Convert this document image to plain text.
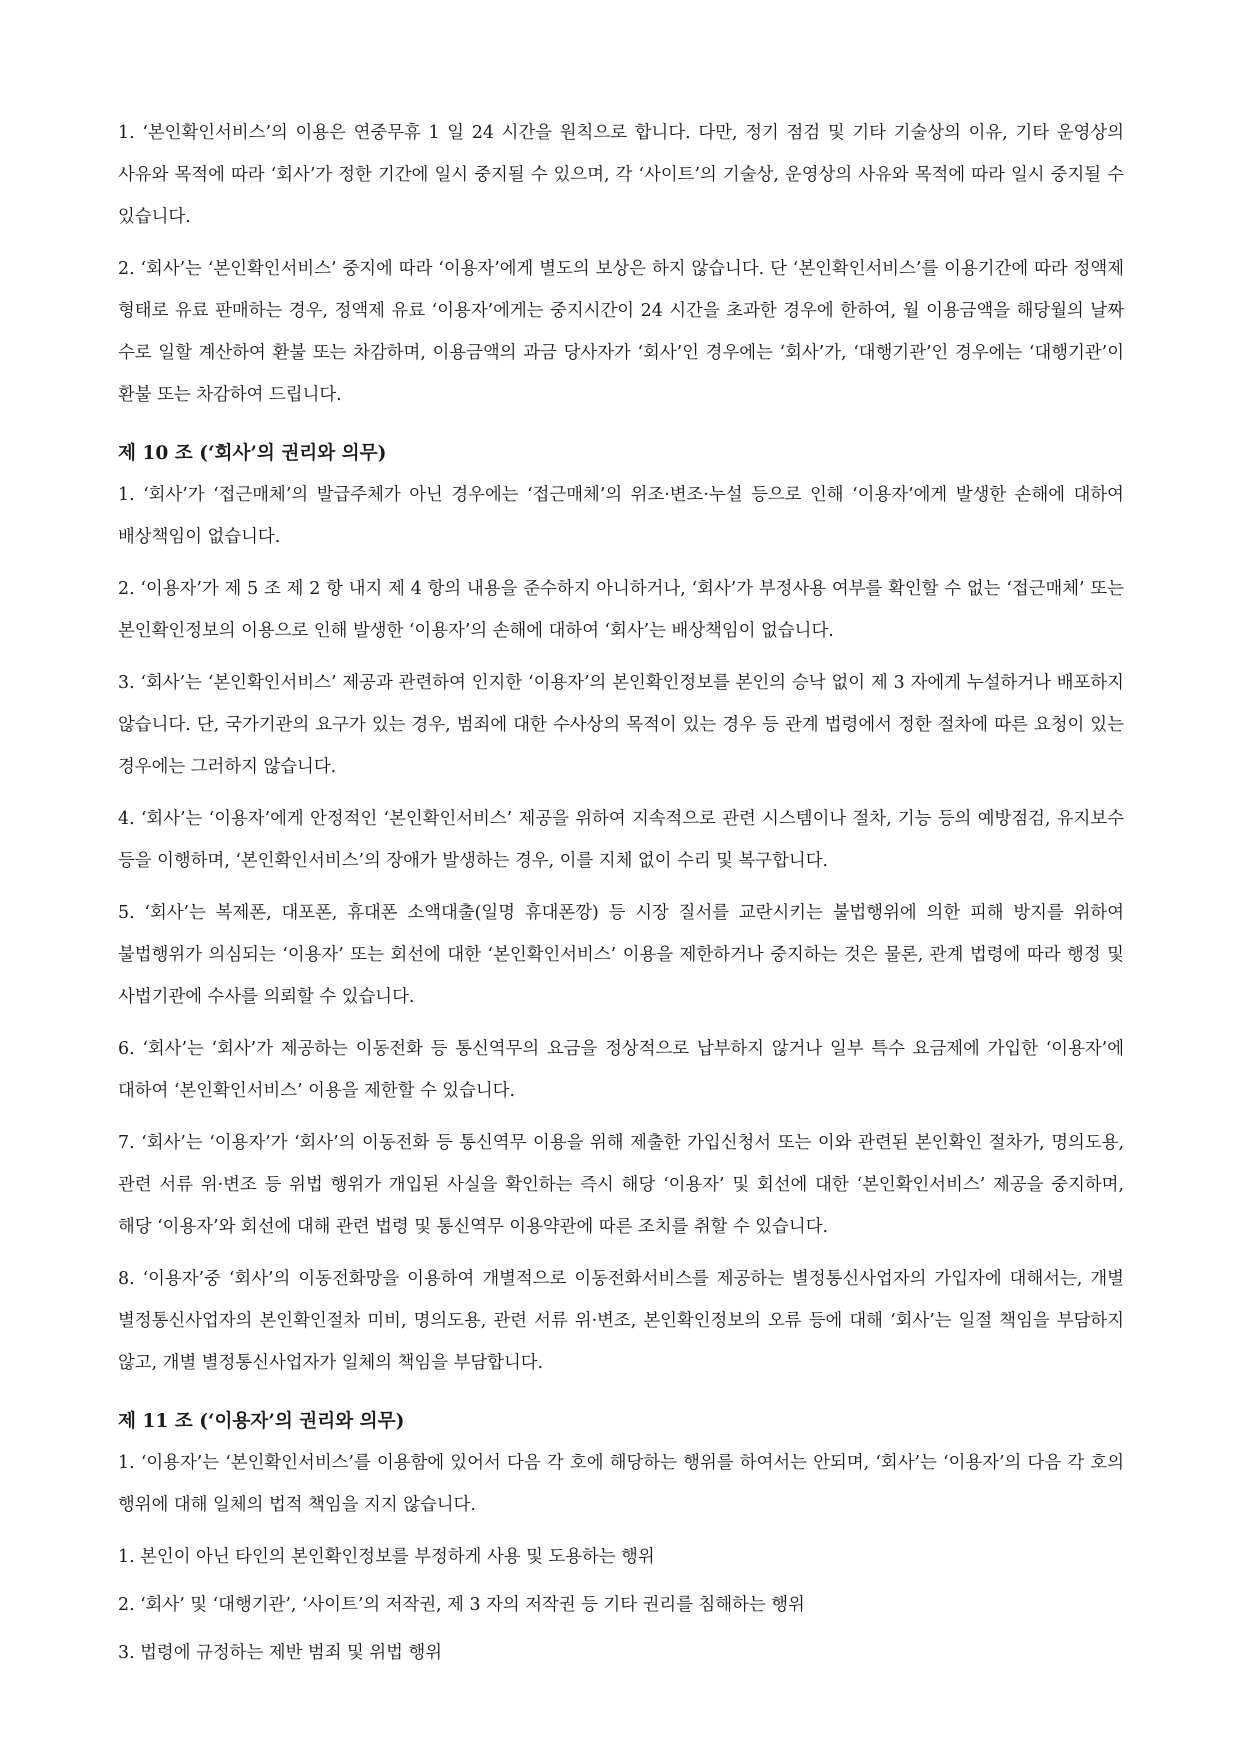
1. ‘본인확인서비스’의 이용은 연중무휴 1 일 24 시간을 원칙으로 합니다. 다만, 정기 점검 및 기타 기술상의 이유, 기타 운영상의 사유와 목적에 따라 ‘회사’가 정한 기간에 일시 중지될 수 있으며, 각 ‘사이트’의 기술상, 운영상의 사유와 목적에 따라 일시 중지될 수 있습니다.

2. ‘회사’는 ‘본인확인서비스’ 중지에 따라 ‘이용자’에게 별도의 보상은 하지 않습니다. 단 ‘본인확인서비스’를 이용기간에 따라 정액제 형태로 유료 판매하는 경우, 정액제 유료 ‘이용자’에게는 중지시간이 24 시간을 초과한 경우에 한하여, 월 이용금액을 해당월의 날짜 수로 일할 계산하여 환불 또는 차감하며, 이용금액의 과금 당사자가 ‘회사’인 경우에는 ‘회사’가, ‘대행기관’인 경우에는 ‘대행기관’이 환불 또는 차감하여 드립니다.

제 10 조 (‘회사’의 권리와 의무)

1. ‘회사’가 ‘접근매체’의 발급주체가 아닌 경우에는 ‘접근매체’의 위조·변조·누설 등으로 인해 ‘이용자’에게 발생한 손해에 대하여 배상책임이 없습니다.

2. ‘이용자’가 제 5 조 제 2 항 내지 제 4 항의 내용을 준수하지 아니하거나, ‘회사’가 부정사용 여부를 확인할 수 없는 ‘접근매체’ 또는 본인확인정보의 이용으로 인해 발생한 ‘이용자’의 손해에 대하여 ‘회사’는 배상책임이 없습니다.

3. ‘회사’는 ‘본인확인서비스’ 제공과 관련하여 인지한 ‘이용자’의 본인확인정보를 본인의 승낙 없이 제 3 자에게 누설하거나 배포하지 않습니다. 단, 국가기관의 요구가 있는 경우, 범죄에 대한 수사상의 목적이 있는 경우 등 관계 법령에서 정한 절차에 따른 요청이 있는 경우에는 그러하지 않습니다.

4. ‘회사’는 ‘이용자’에게 안정적인 ‘본인확인서비스’ 제공을 위하여 지속적으로 관련 시스템이나 절차, 기능 등의 예방점검, 유지보수 등을 이행하며, ‘본인확인서비스’의 장애가 발생하는 경우, 이를 지체 없이 수리 및 복구합니다.

5. ‘회사’는 복제폰, 대포폰, 휴대폰 소액대출(일명 휴대폰깡) 등 시장 질서를 교란시키는 불법행위에 의한 피해 방지를 위하여 불법행위가 의심되는 ‘이용자’ 또는 회선에 대한 ‘본인확인서비스’ 이용을 제한하거나 중지하는 것은 물론, 관계 법령에 따라 행정 및 사법기관에 수사를 의뢰할 수 있습니다.

6. ‘회사’는 ‘회사’가 제공하는 이동전화 등 통신역무의 요금을 정상적으로 납부하지 않거나 일부 특수 요금제에 가입한 ‘이용자’에 대하여 ‘본인확인서비스’ 이용을 제한할 수 있습니다.

7. ‘회사’는 ‘이용자’가 ‘회사’의 이동전화 등 통신역무 이용을 위해 제출한 가입신청서 또는 이와 관련된 본인확인 절차가, 명의도용, 관련 서류 위·변조 등 위법 행위가 개입된 사실을 확인하는 즉시 해당 ‘이용자’ 및 회선에 대한 ‘본인확인서비스’ 제공을 중지하며, 해당 ‘이용자’와 회선에 대해 관련 법령 및 통신역무 이용약관에 따른 조치를 취할 수 있습니다.

8. ‘이용자’중 ‘회사’의 이동전화망을 이용하여 개별적으로 이동전화서비스를 제공하는 별정통신사업자의 가입자에 대해서는, 개별 별정통신사업자의 본인확인절차 미비, 명의도용, 관련 서류 위·변조, 본인확인정보의 오류 등에 대해 ‘회사’는 일절 책임을 부담하지 않고, 개별 별정통신사업자가 일체의 책임을 부담합니다.

제 11 조 (‘이용자’의 권리와 의무)

1. ‘이용자’는 ‘본인확인서비스’를 이용함에 있어서 다음 각 호에 해당하는 행위를 하여서는 안되며, ‘회사’는 ‘이용자’의 다음 각 호의 행위에 대해 일체의 법적 책임을 지지 않습니다.

1. 본인이 아닌 타인의 본인확인정보를 부정하게 사용 및 도용하는 행위

2. ‘회사’ 및 ‘대행기관’, ‘사이트’의 저작권, 제 3 자의 저작권 등 기타 권리를 침해하는 행위

3. 법령에 규정하는 제반 범죄 및 위법 행위
